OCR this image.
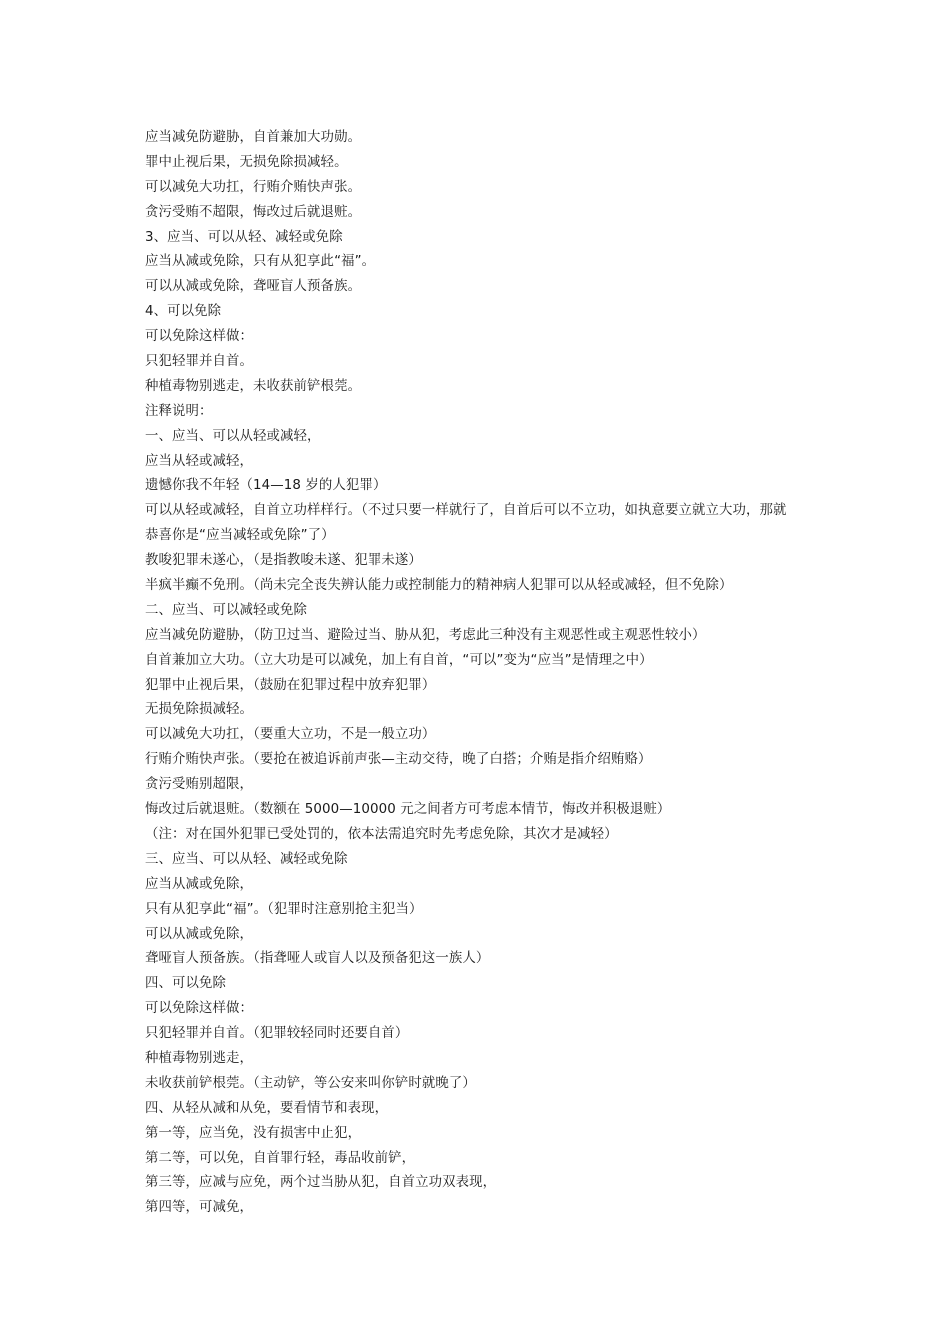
应当减免防避胁，自首兼加大功勋。
罪中止视后果，无损免除损减轻。
可以减免大功扛，行贿介贿快声张。
贪污受贿不超限，悔改过后就退赃。
3、应当、可以从轻、减轻或免除
应当从减或免除，只有从犯享此“福”。
可以从减或免除，聋哑盲人预备族。
4、可以免除
可以免除这样做：
只犯轻罪并自首。
种植毒物别逃走，未收获前铲根莞。
注释说明：
一、应当、可以从轻或减轻，
应当从轻或减轻，
遗憾你我不年轻（14—18 岁的人犯罪）
可以从轻或减轻，自首立功样样行。（不过只要一样就行了，自首后可以不立功，如执意要立就立大功，那就
恭喜你是“应当减轻或免除”了）
教唆犯罪未遂心，（是指教唆未遂、犯罪未遂）
半疯半癫不免刑。（尚未完全丧失辨认能力或控制能力的精神病人犯罪可以从轻或减轻，但不免除）
二、应当、可以减轻或免除
应当减免防避胁，（防卫过当、避险过当、胁从犯，考虑此三种没有主观恶性或主观恶性较小）
自首兼加立大功。（立大功是可以减免，加上有自首，“可以”变为“应当”是情理之中）
犯罪中止视后果，（鼓励在犯罪过程中放弃犯罪）
无损免除损减轻。
可以减免大功扛，（要重大立功，不是一般立功）
行贿介贿快声张。（要抢在被追诉前声张—主动交待，晚了白搭；介贿是指介绍贿赂）
贪污受贿别超限，
悔改过后就退赃。（数额在 5000—10000 元之间者方可考虑本情节，悔改并积极退赃）
（注：对在国外犯罪已受处罚的，依本法需追究时先考虑免除，其次才是减轻）
三、应当、可以从轻、减轻或免除
应当从减或免除，
只有从犯享此“福”。（犯罪时注意别抢主犯当）
可以从减或免除，
聋哑盲人预备族。（指聋哑人或盲人以及预备犯这一族人）
四、可以免除
可以免除这样做：
只犯轻罪并自首。（犯罪较轻同时还要自首）
种植毒物别逃走，
未收获前铲根莞。（主动铲，等公安来叫你铲时就晚了）
四、从轻从减和从免，要看情节和表现，
第一等，应当免，没有损害中止犯，
第二等，可以免，自首罪行轻，毒品收前铲，
第三等，应减与应免，两个过当胁从犯，自首立功双表现，
第四等，可减免，
